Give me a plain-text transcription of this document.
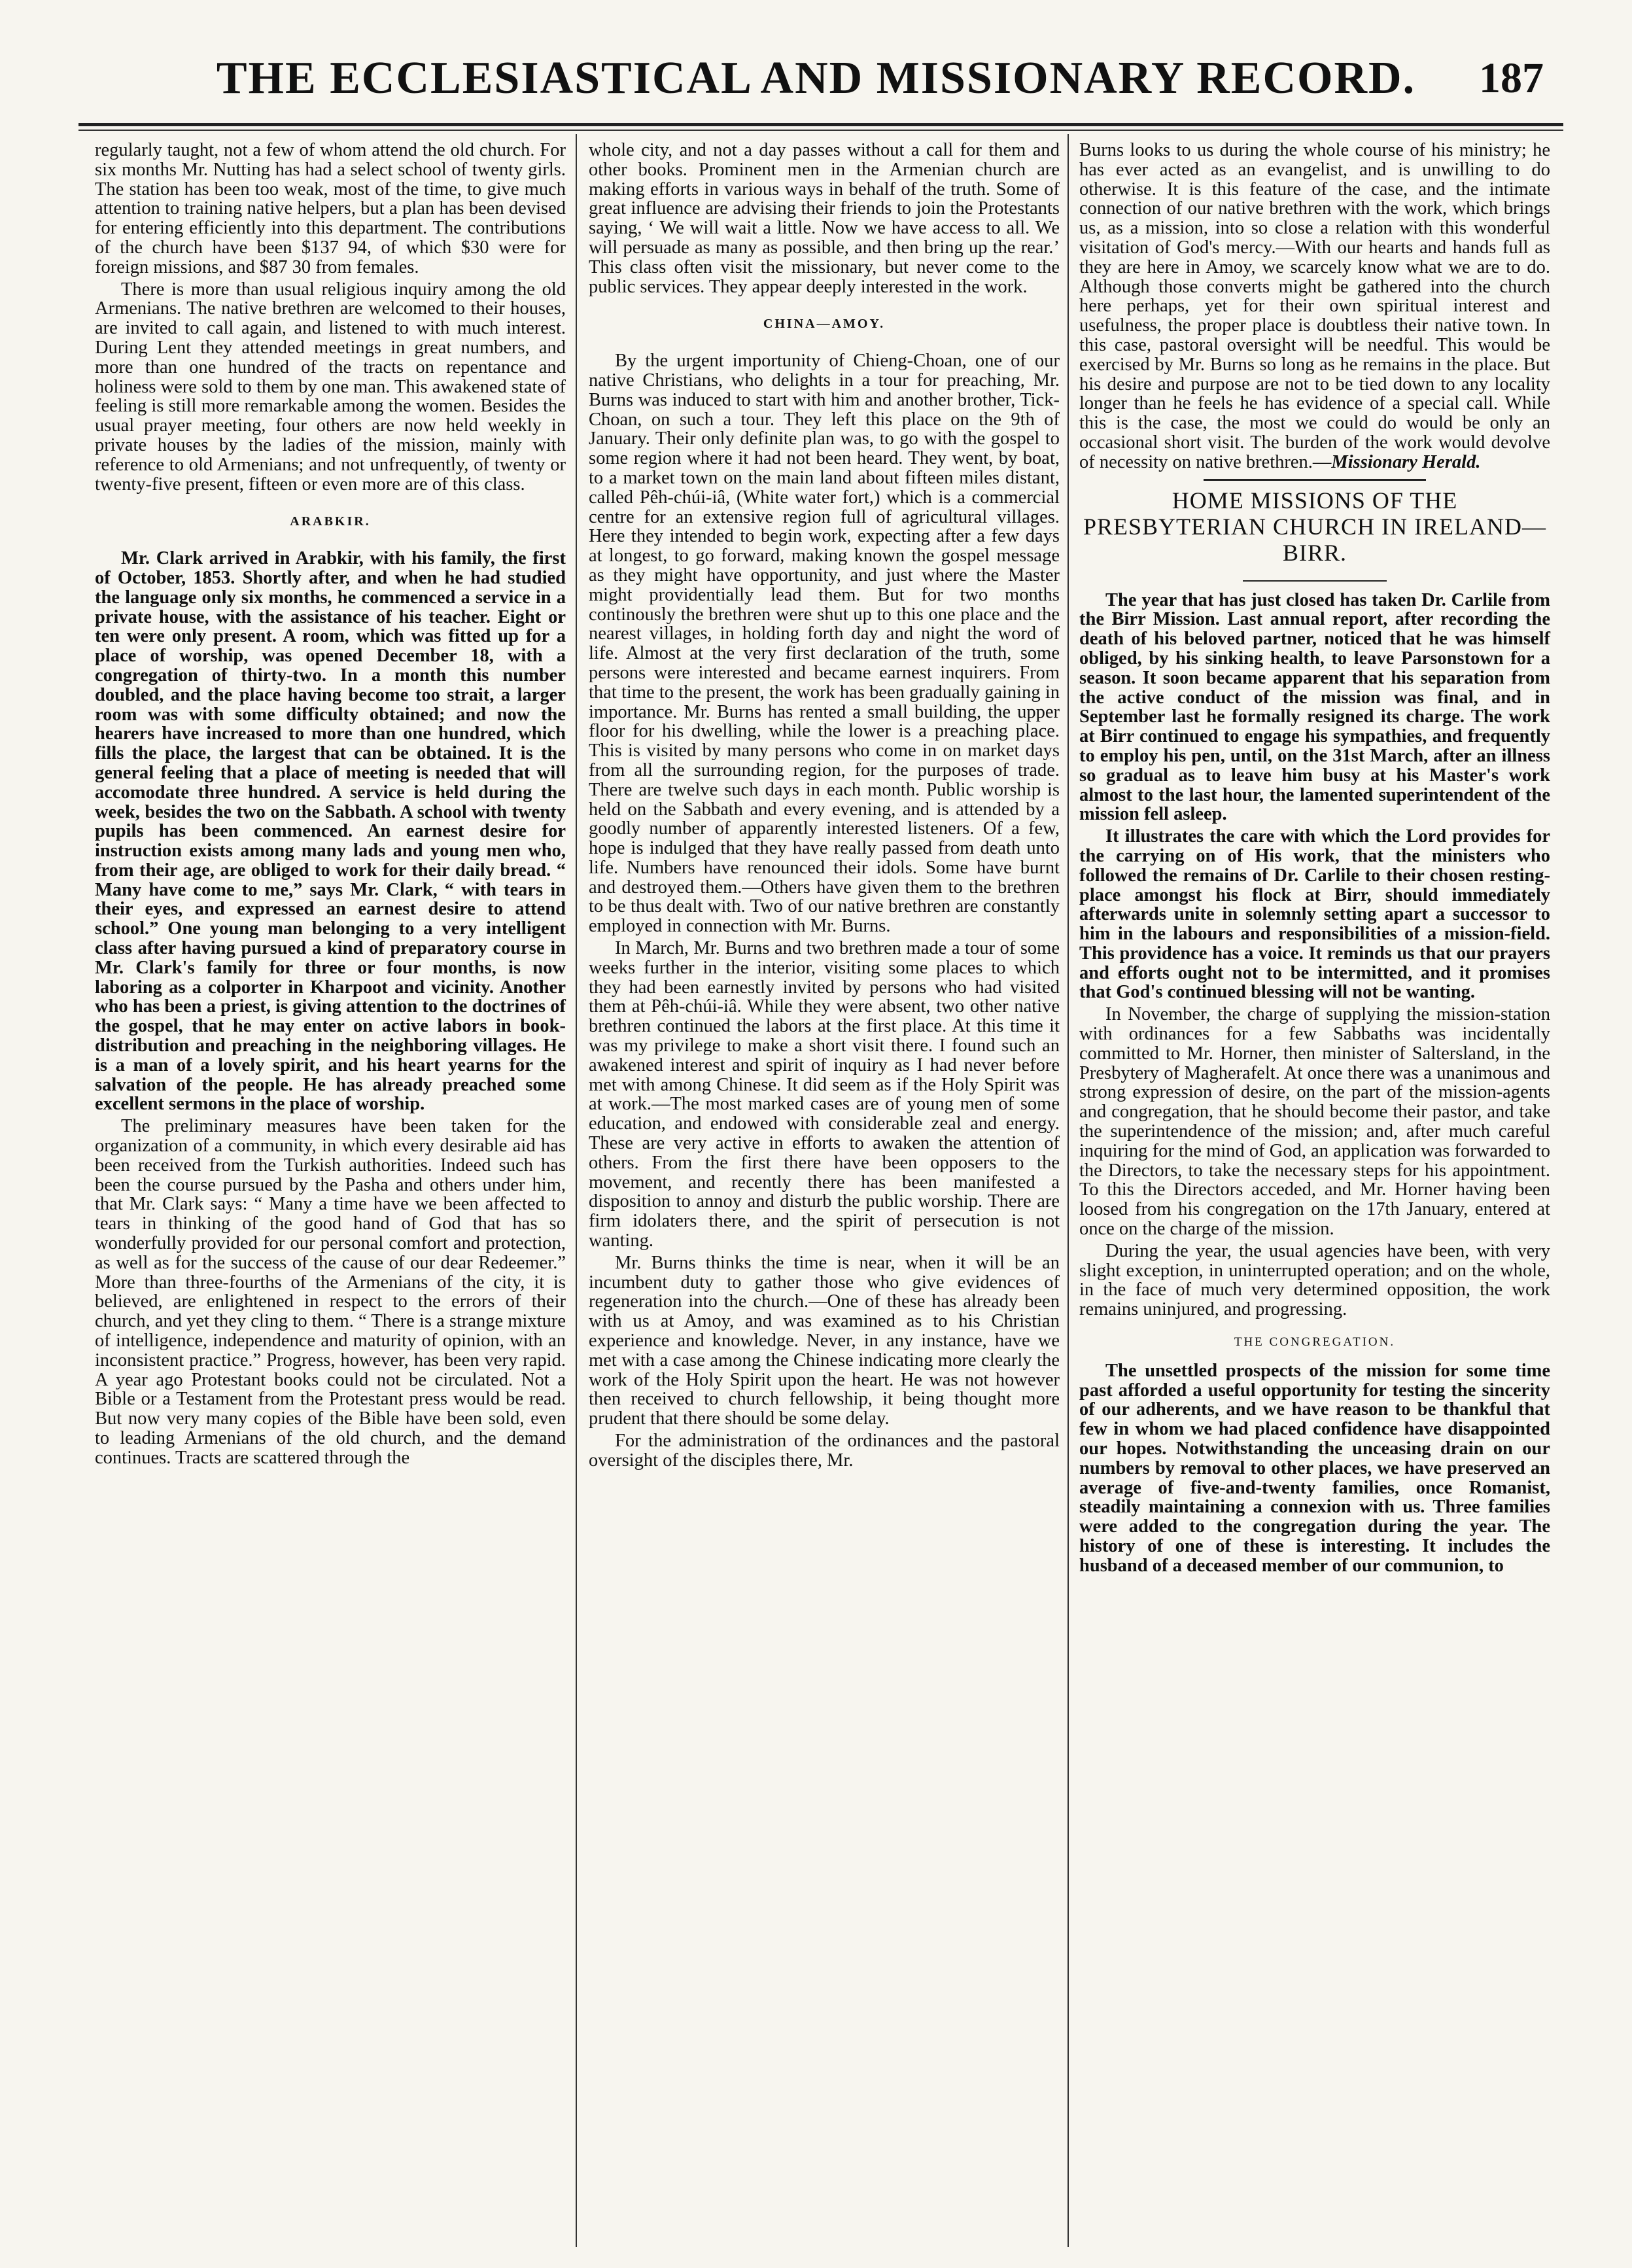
THE ECCLESIASTICAL AND MISSIONARY RECORD.	187

regularly taught, not a few of whom attend the old church. For six months Mr. Nutting has had a select school of twenty girls. The station has been too weak, most of the time, to give much attention to training native helpers, but a plan has been devised for entering efficiently into this department. The contributions of the church have been $137 94, of which $30 were for foreign missions, and $87 30 from females.

There is more than usual religious inquiry among the old Armenians. The native brethren are welcomed to their houses, are invited to call again, and listened to with much interest. During Lent they attended meetings in great numbers, and more than one hundred of the tracts on repentance and holiness were sold to them by one man. This awakened state of feeling is still more remarkable among the women. Besides the usual prayer meeting, four others are now held weekly in private houses by the ladies of the mission, mainly with reference to old Armenians; and not unfrequently, of twenty or twenty-five present, fifteen or even more are of this class.

ARABKIR.

Mr. Clark arrived in Arabkir, with his family, the first of October, 1853. Shortly after, and when he had studied the language only six months, he commenced a service in a private house, with the assistance of his teacher. Eight or ten were only present. A room, which was fitted up for a place of worship, was opened December 18, with a congregation of thirty-two. In a month this number doubled, and the place having become too strait, a larger room was with some difficulty obtained; and now the hearers have increased to more than one hundred, which fills the place, the largest that can be obtained. It is the general feeling that a place of meeting is needed that will accomodate three hundred. A service is held during the week, besides the two on the Sabbath. A school with twenty pupils has been commenced. An earnest desire for instruction exists among many lads and young men who, from their age, are obliged to work for their daily bread. “ Many have come to me,” says Mr. Clark, “ with tears in their eyes, and expressed an earnest desire to attend school.” One young man belonging to a very intelligent class after having pursued a kind of preparatory course in Mr. Clark's family for three or four months, is now laboring as a colporter in Kharpoot and vicinity. Another who has been a priest, is giving attention to the doctrines of the gospel, that he may enter on active labors in book-distribution and preaching in the neighboring villages. He is a man of a lovely spirit, and his heart yearns for the salvation of the people. He has already preached some excellent sermons in the place of worship.

The preliminary measures have been taken for the organization of a community, in which every desirable aid has been received from the Turkish authorities. Indeed such has been the course pursued by the Pasha and others under him, that Mr. Clark says: “ Many a time have we been affected to tears in thinking of the good hand of God that has so wonderfully provided for our personal comfort and protection, as well as for the success of the cause of our dear Redeemer.” More than three-fourths of the Armenians of the city, it is believed, are enlightened in respect to the errors of their church, and yet they cling to them. “ There is a strange mixture of intelligence, independence and maturity of opinion, with an inconsistent practice.” Progress, however, has been very rapid. A year ago Protestant books could not be circulated. Not a Bible or a Testament from the Protestant press would be read. But now very many copies of the Bible have been sold, even to leading Armenians of the old church, and the demand continues. Tracts are scattered through the

whole city, and not a day passes without a call for them and other books. Prominent men in the Armenian church are making efforts in various ways in behalf of the truth. Some of great influence are advising their friends to join the Protestants saying, ‘ We will wait a little. Now we have access to all. We will persuade as many as possible, and then bring up the rear.’ This class often visit the missionary, but never come to the public services. They appear deeply interested in the work.

CHINA—AMOY.

By the urgent importunity of Chieng-Choan, one of our native Christians, who delights in a tour for preaching, Mr. Burns was induced to start with him and another brother, Tick-Choan, on such a tour. They left this place on the 9th of January. Their only definite plan was, to go with the gospel to some region where it had not been heard. They went, by boat, to a market town on the main land about fifteen miles distant, called Pêh-chúi-iâ, (White water fort,) which is a commercial centre for an extensive region full of agricultural villages. Here they intended to begin work, expecting after a few days at longest, to go forward, making known the gospel message as they might have opportunity, and just where the Master might providentially lead them. But for two months continously the brethren were shut up to this one place and the nearest villages, in holding forth day and night the word of life. Almost at the very first declaration of the truth, some persons were interested and became earnest inquirers. From that time to the present, the work has been gradually gaining in importance. Mr. Burns has rented a small building, the upper floor for his dwelling, while the lower is a preaching place. This is visited by many persons who come in on market days from all the surrounding region, for the purposes of trade. There are twelve such days in each month. Public worship is held on the Sabbath and every evening, and is attended by a goodly number of apparently interested listeners. Of a few, hope is indulged that they have really passed from death unto life. Numbers have renounced their idols. Some have burnt and destroyed them.—Others have given them to the brethren to be thus dealt with. Two of our native brethren are constantly employed in connection with Mr. Burns.

In March, Mr. Burns and two brethren made a tour of some weeks further in the interior, visiting some places to which they had been earnestly invited by persons who had visited them at Pêh-chúi-iâ. While they were absent, two other native brethren continued the labors at the first place. At this time it was my privilege to make a short visit there. I found such an awakened interest and spirit of inquiry as I had never before met with among Chinese. It did seem as if the Holy Spirit was at work.—The most marked cases are of young men of some education, and endowed with considerable zeal and energy. These are very active in efforts to awaken the attention of others. From the first there have been opposers to the movement, and recently there has been manifested a disposition to annoy and disturb the public worship. There are firm idolaters there, and the spirit of persecution is not wanting.

Mr. Burns thinks the time is near, when it will be an incumbent duty to gather those who give evidences of regeneration into the church.—One of these has already been with us at Amoy, and was examined as to his Christian experience and knowledge. Never, in any instance, have we met with a case among the Chinese indicating more clearly the work of the Holy Spirit upon the heart. He was not however then received to church fellowship, it being thought more prudent that there should be some delay.

For the administration of the ordinances and the pastoral oversight of the disciples there, Mr.

Burns looks to us during the whole course of his ministry; he has ever acted as an evangelist, and is unwilling to do otherwise. It is this feature of the case, and the intimate connection of our native brethren with the work, which brings us, as a mission, into so close a relation with this wonderful visitation of God's mercy.—With our hearts and hands full as they are here in Amoy, we scarcely know what we are to do. Although those converts might be gathered into the church here perhaps, yet for their own spiritual interest and usefulness, the proper place is doubtless their native town. In this case, pastoral oversight will be needful. This would be exercised by Mr. Burns so long as he remains in the place. But his desire and purpose are not to be tied down to any locality longer than he feels he has evidence of a special call. While this is the case, the most we could do would be only an occasional short visit. The burden of the work would devolve of necessity on native brethren.—Missionary Herald.

HOME MISSIONS OF THE PRESBYTERIAN CHURCH IN IRELAND—BIRR.

The year that has just closed has taken Dr. Carlile from the Birr Mission. Last annual report, after recording the death of his beloved partner, noticed that he was himself obliged, by his sinking health, to leave Parsonstown for a season. It soon became apparent that his separation from the active conduct of the mission was final, and in September last he formally resigned its charge. The work at Birr continued to engage his sympathies, and frequently to employ his pen, until, on the 31st March, after an illness so gradual as to leave him busy at his Master's work almost to the last hour, the lamented superintendent of the mission fell asleep.

It illustrates the care with which the Lord provides for the carrying on of His work, that the ministers who followed the remains of Dr. Carlile to their chosen resting-place amongst his flock at Birr, should immediately afterwards unite in solemnly setting apart a successor to him in the labours and responsibilities of a mission-field. This providence has a voice. It reminds us that our prayers and efforts ought not to be intermitted, and it promises that God's continued blessing will not be wanting.

In November, the charge of supplying the mission-station with ordinances for a few Sabbaths was incidentally committed to Mr. Horner, then minister of Saltersland, in the Presbytery of Magherafelt. At once there was a unanimous and strong expression of desire, on the part of the mission-agents and congregation, that he should become their pastor, and take the superintendence of the mission; and, after much careful inquiring for the mind of God, an application was forwarded to the Directors, to take the necessary steps for his appointment. To this the Directors acceded, and Mr. Horner having been loosed from his congregation on the 17th January, entered at once on the charge of the mission.

During the year, the usual agencies have been, with very slight exception, in uninterrupted operation; and on the whole, in the face of much very determined opposition, the work remains uninjured, and progressing.

THE CONGREGATION.

The unsettled prospects of the mission for some time past afforded a useful opportunity for testing the sincerity of our adherents, and we have reason to be thankful that few in whom we had placed confidence have disappointed our hopes. Notwithstanding the unceasing drain on our numbers by removal to other places, we have preserved an average of five-and-twenty families, once Romanist, steadily maintaining a connexion with us. Three families were added to the congregation during the year. The history of one of these is interesting. It includes the husband of a deceased member of our communion, to
